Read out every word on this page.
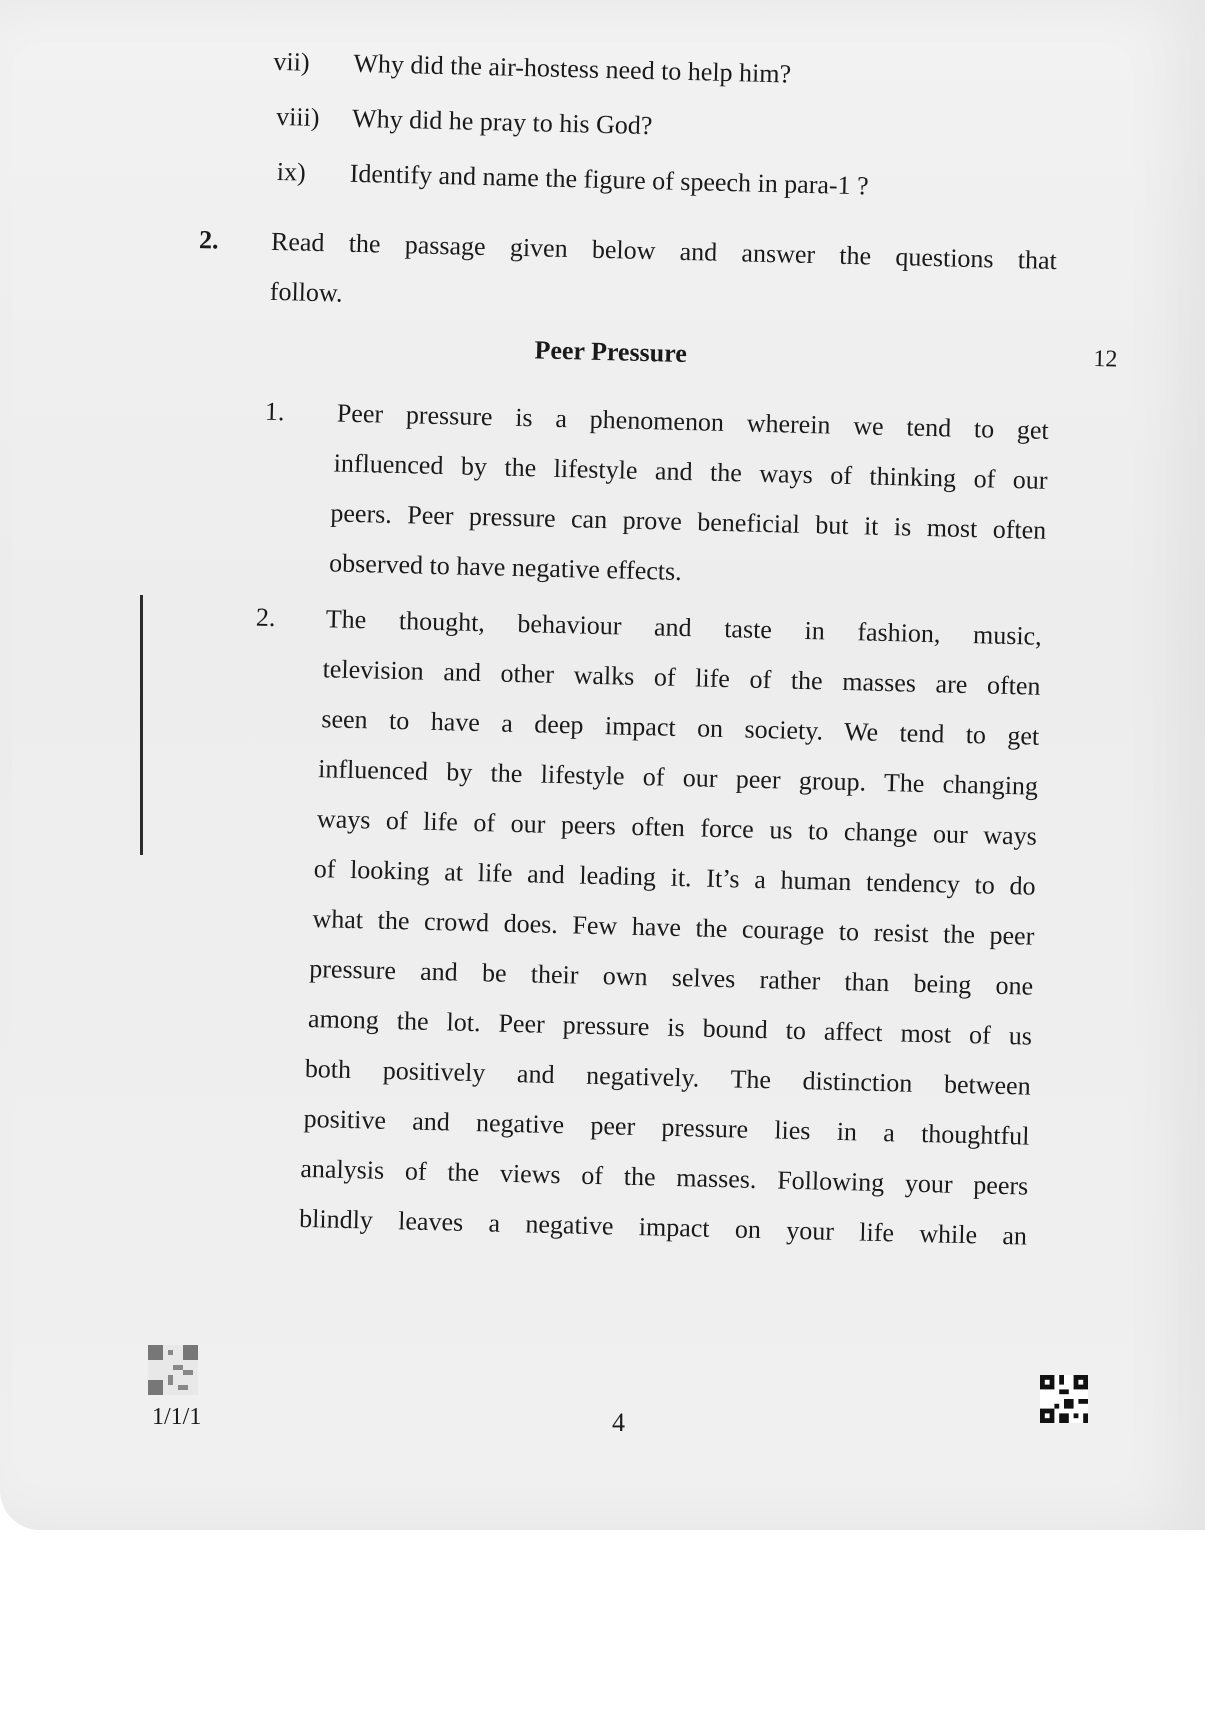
vii) Why did the air-hostess need to help him?
viii) Why did he pray to his God?
ix) Identify and name the figure of speech in para-1 ?
2. Read the passage given below and answer the questions that
follow.
Peer Pressure
1. Peer pressure is a phenomenon wherein we tend to get
influenced by the lifestyle and the ways of thinking of our
peers. Peer pressure can prove beneficial but it is most often
observed to have negative effects.
2. The thought, behaviour and taste in fashion, music,
television and other walks of life of the masses are often
seen to have a deep impact on society. We tend to get
influenced by the lifestyle of our peer group. The changing
ways of life of our peers often force us to change our ways
of looking at life and leading it. It’s a human tendency to do
what the crowd does. Few have the courage to resist the peer
pressure and be their own selves rather than being one
among the lot. Peer pressure is bound to affect most of us
both positively and negatively. The distinction between
positive and negative peer pressure lies in a thoughtful
analysis of the views of the masses. Following your peers
blindly leaves a negative impact on your life while an
12
1/1/1	4
